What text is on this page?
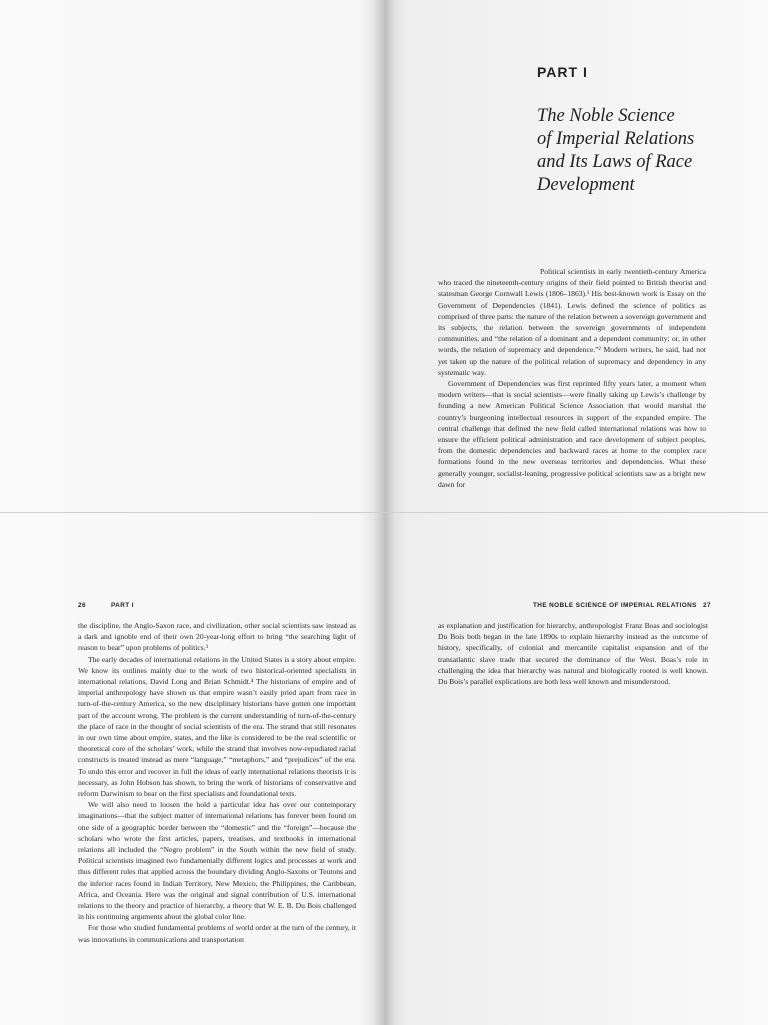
PART I
The Noble Science
of Imperial Relations
and Its Laws of Race
Development

Political scientists in early twentieth-century America who traced the nineteenth-century origins of their field pointed to British theorist and statesman George Cornwall Lewis (1806–1863).¹ His best-known work is Essay on the Government of Dependencies (1841). Lewis defined the science of politics as comprised of three parts: the nature of the relation between a sovereign government and its subjects, the relation between the sovereign governments of independent communities, and “the relation of a dominant and a dependent community; or, in other words, the relation of supremacy and dependence.”² Modern writers, he said, had not yet taken up the nature of the political relation of supremacy and dependency in any systematic way.

Government of Dependencies was first reprinted fifty years later, a moment when modern writers—that is social scientists—were finally taking up Lewis’s challenge by founding a new American Political Science Association that would marshal the country’s burgeoning intellectual resources in support of the expanded empire. The central challenge that defined the new field called international relations was how to ensure the efficient political administration and race development of subject peoples, from the domestic dependencies and backward races at home to the complex race formations found in the new overseas territories and dependencies. What these generally younger, socialist-leaning, progressive political scientists saw as a bright new dawn for

26	PART I

the discipline, the Anglo-Saxon race, and civilization, other social scientists saw instead as a dark and ignoble end of their own 20-year-long effort to bring “the searching light of reason to bear” upon problems of politics.³

The early decades of international relations in the United States is a story about empire. We know its outlines mainly due to the work of two historical-oriented specialists in international relations, David Long and Brian Schmidt.⁴ The historians of empire and of imperial anthropology have shown us that empire wasn’t easily pried apart from race in turn-of-the-century America, so the new disciplinary historians have gotten one important part of the account wrong. The problem is the current understanding of turn-of-the-century the place of race in the thought of social scientists of the era. The strand that still resonates in our own time about empire, states, and the like is considered to be the real scientific or theoretical core of the scholars’ work, while the strand that involves now-repudiated racial constructs is treated instead as mere “language,” “metaphors,” and “prejudices” of the era. To undo this error and recover in full the ideas of early international relations theorists it is necessary, as John Hobson has shown, to bring the work of historians of conservative and reform Darwinism to bear on the first specialists and foundational texts.

We will also need to loosen the hold a particular idea has over our contemporary imaginations—that the subject matter of international relations has forever been found on one side of a geographic border between the “domestic” and the “foreign”—because the scholars who wrote the first articles, papers, treatises, and textbooks in international relations all included the “Negro problem” in the South within the new field of study. Political scientists imagined two fundamentally different logics and processes at work and thus different rules that applied across the boundary dividing Anglo-Saxons or Teutons and the inferior races found in Indian Territory, New Mexico, the Philippines, the Caribbean, Africa, and Oceania. Here was the original and signal contribution of U.S. international relations to the theory and practice of hierarchy, a theory that W. E. B. Du Bois challenged in his continuing arguments about the global color line.

For those who studied fundamental problems of world order at the turn of the century, it was innovations in communications and transportation

THE NOBLE SCIENCE OF IMPERIAL RELATIONS 27

as explanation and justification for hierarchy, anthropologist Franz Boas and sociologist Du Bois both began in the late 1890s to explain hierarchy instead as the outcome of history, specifically, of colonial and mercantile capitalist expansion and of the transatlantic slave trade that secured the dominance of the West. Boas’s role in challenging the idea that hierarchy was natural and biologically rooted is well known. Du Bois’s parallel explications are both less well known and misunderstood.
